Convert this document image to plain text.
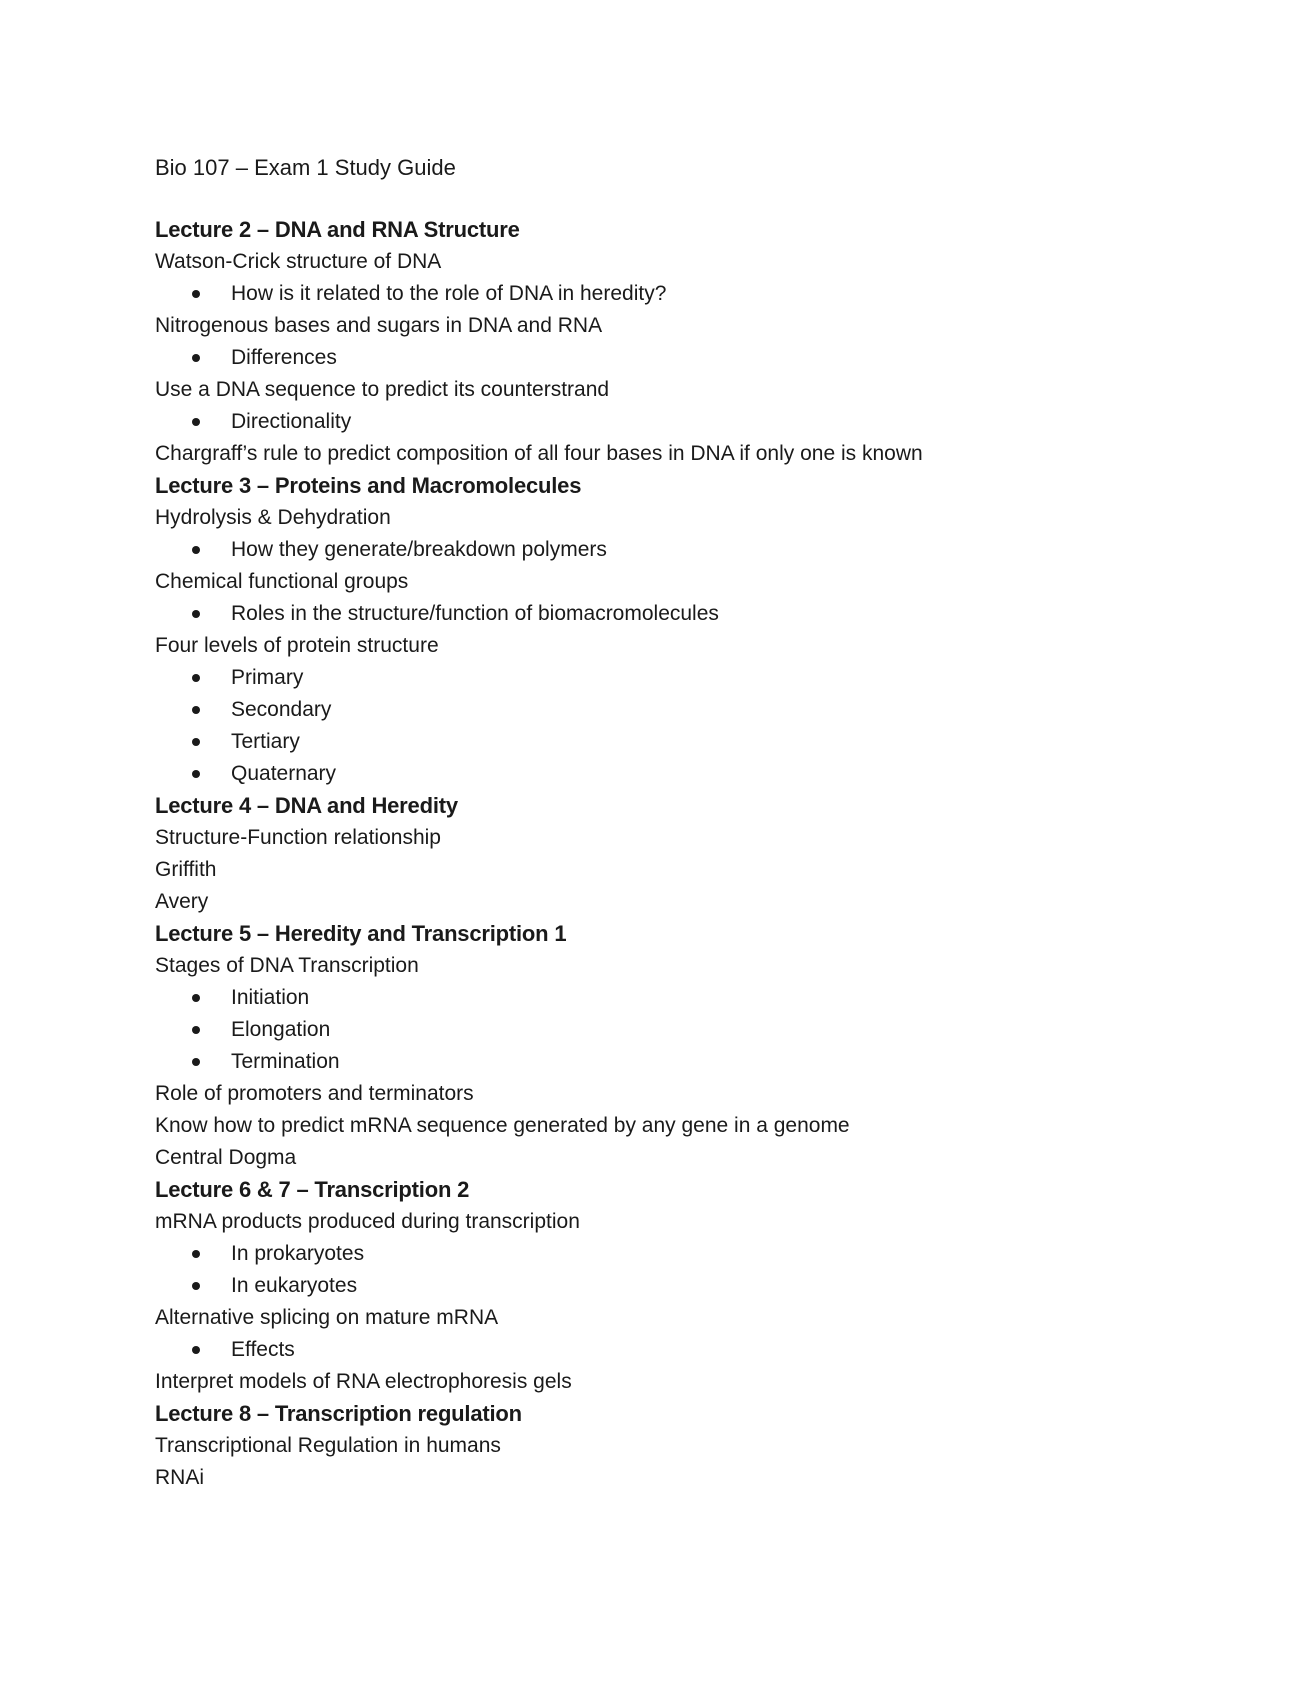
Bio 107 – Exam 1 Study Guide
Lecture 2 – DNA and RNA Structure
Watson-Crick structure of DNA
How is it related to the role of DNA in heredity?
Nitrogenous bases and sugars in DNA and RNA
Differences
Use a DNA sequence to predict its counterstrand
Directionality
Chargraff’s rule to predict composition of all four bases in DNA if only one is known
Lecture 3 – Proteins and Macromolecules
Hydrolysis & Dehydration
How they generate/breakdown polymers
Chemical functional groups
Roles in the structure/function of biomacromolecules
Four levels of protein structure
Primary
Secondary
Tertiary
Quaternary
Lecture 4 – DNA and Heredity
Structure-Function relationship
Griffith
Avery
Lecture 5 – Heredity and Transcription 1
Stages of DNA Transcription
Initiation
Elongation
Termination
Role of promoters and terminators
Know how to predict mRNA sequence generated by any gene in a genome
Central Dogma
Lecture 6 & 7 – Transcription 2
mRNA products produced during transcription
In prokaryotes
In eukaryotes
Alternative splicing on mature mRNA
Effects
Interpret models of RNA electrophoresis gels
Lecture 8 – Transcription regulation
Transcriptional Regulation in humans
RNAi
